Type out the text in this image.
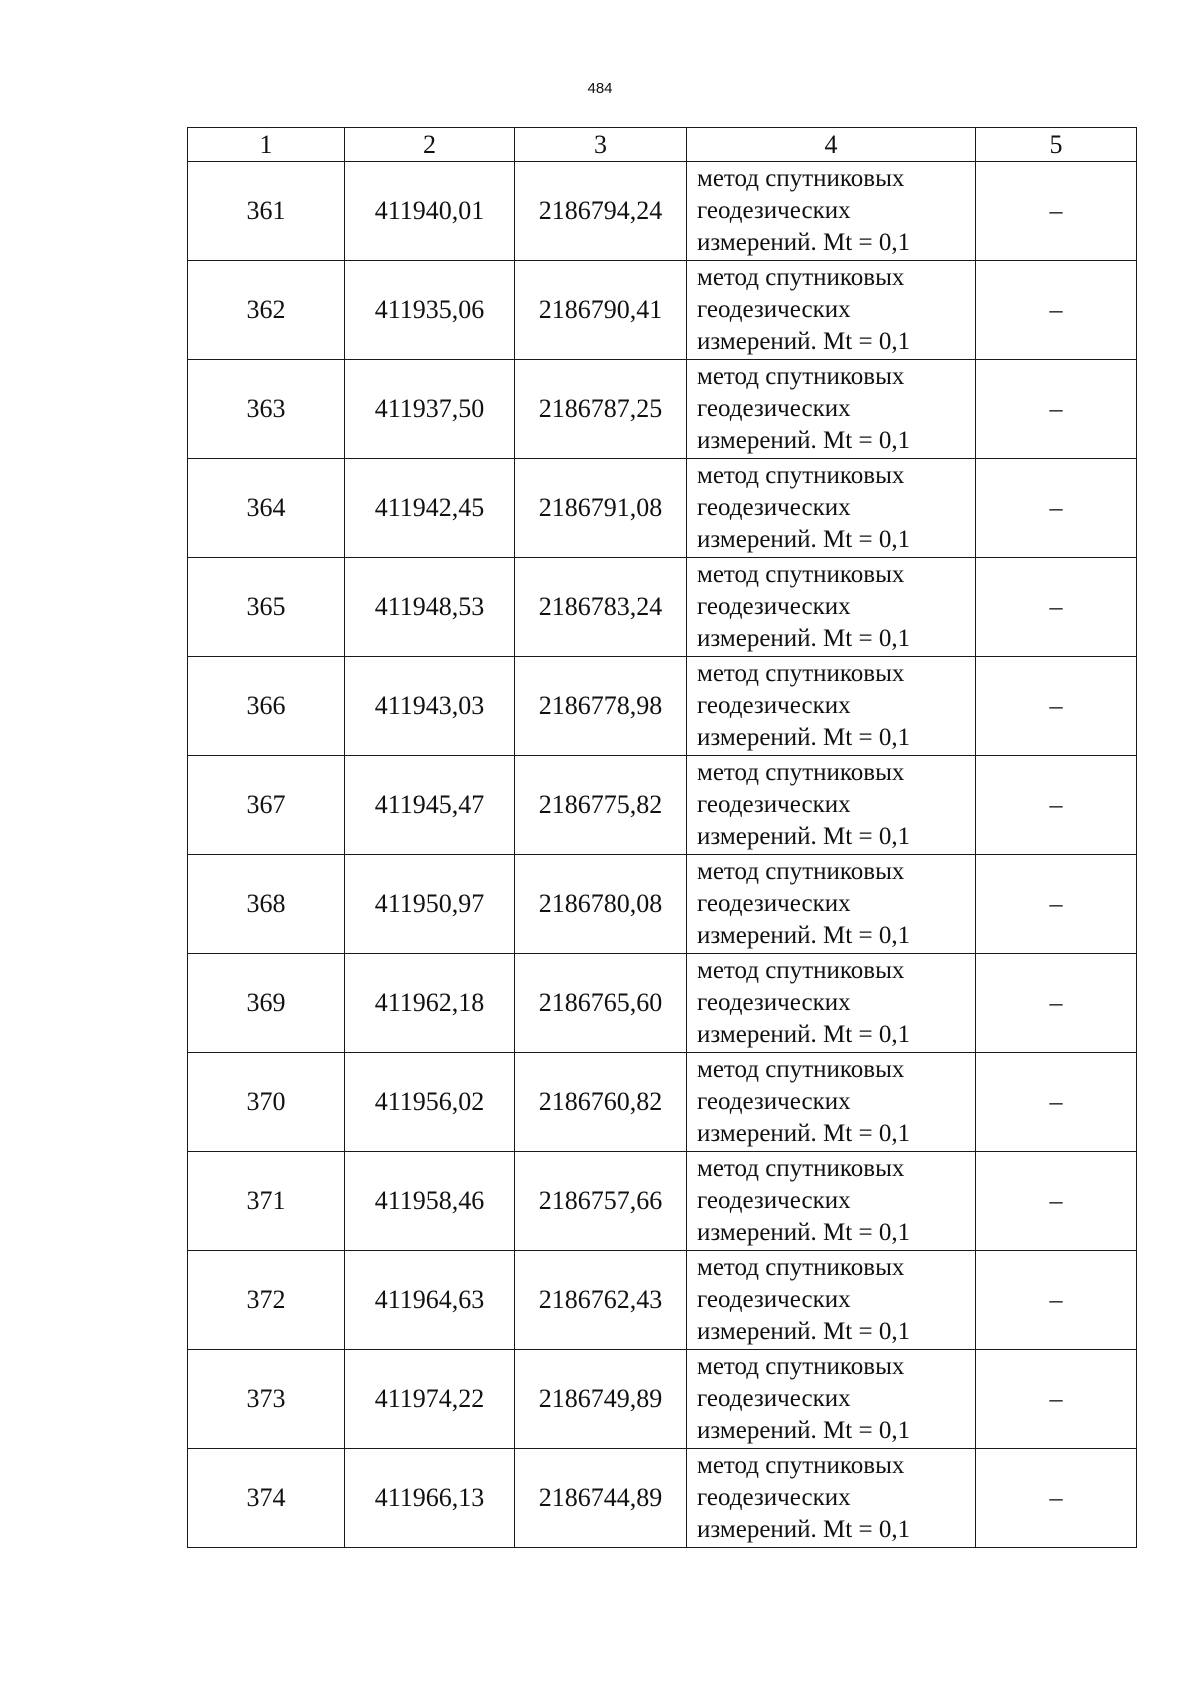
484
1	2	3	4	5
361	411940,01	2186794,24	метод спутниковых
геодезических
измерений. Mt = 0,1	–
362	411935,06	2186790,41	метод спутниковых
геодезических
измерений. Mt = 0,1	–
363	411937,50	2186787,25	метод спутниковых
геодезических
измерений. Mt = 0,1	–
364	411942,45	2186791,08	метод спутниковых
геодезических
измерений. Mt = 0,1	–
365	411948,53	2186783,24	метод спутниковых
геодезических
измерений. Mt = 0,1	–
366	411943,03	2186778,98	метод спутниковых
геодезических
измерений. Mt = 0,1	–
367	411945,47	2186775,82	метод спутниковых
геодезических
измерений. Mt = 0,1	–
368	411950,97	2186780,08	метод спутниковых
геодезических
измерений. Mt = 0,1	–
369	411962,18	2186765,60	метод спутниковых
геодезических
измерений. Mt = 0,1	–
370	411956,02	2186760,82	метод спутниковых
геодезических
измерений. Mt = 0,1	–
371	411958,46	2186757,66	метод спутниковых
геодезических
измерений. Mt = 0,1	–
372	411964,63	2186762,43	метод спутниковых
геодезических
измерений. Mt = 0,1	–
373	411974,22	2186749,89	метод спутниковых
геодезических
измерений. Mt = 0,1	–
374	411966,13	2186744,89	метод спутниковых
геодезических
измерений. Mt = 0,1	–
